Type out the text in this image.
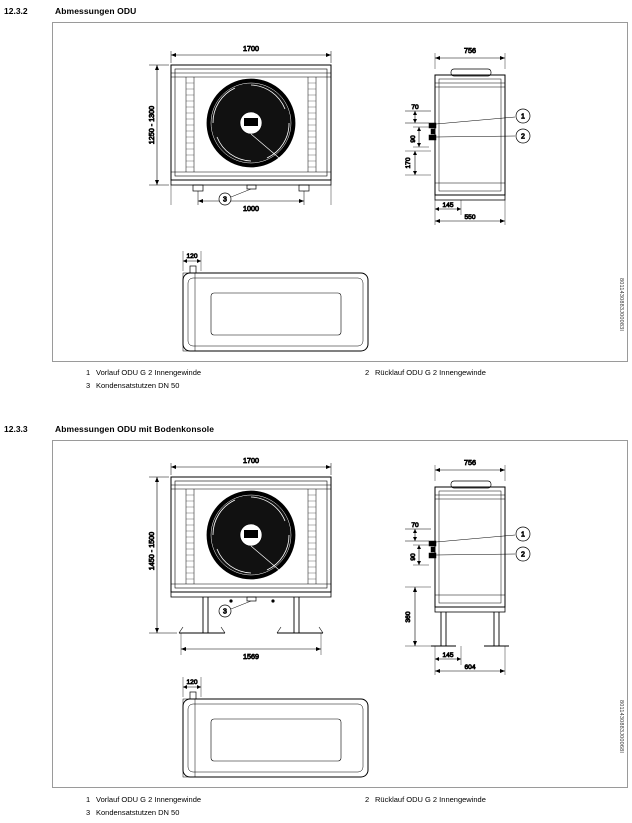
12.3.2	Abmessungen ODU
1700
1250 - 1300
1000
3
1
2
756
70
90
170
145
550
120
8011430883J00083I
1 Vorlauf ODU G 2 Innengewinde	2 Rücklauf ODU G 2 Innengewinde
3 Kondensatstutzen DN 50
12.3.3	Abmessungen ODU mit Bodenkonsole
1700
1450 - 1500
1569
3
1
2
756
70
90
360
145
604
120
8011430883J00068I
1 Vorlauf ODU G 2 Innengewinde	2 Rücklauf ODU G 2 Innengewinde
3 Kondensatstutzen DN 50
